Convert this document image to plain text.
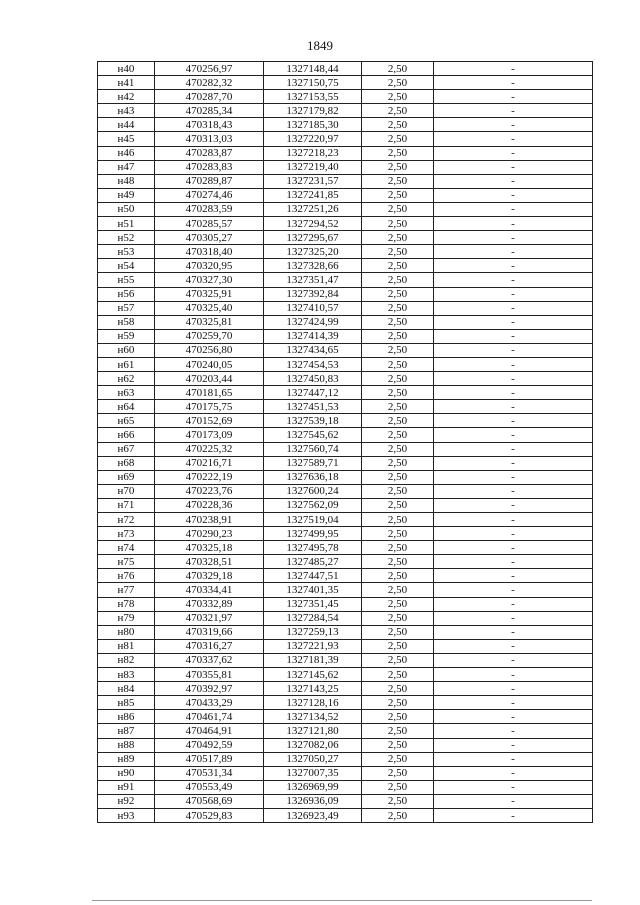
1849
н40	470256,97	1327148,44	2,50	-
н41	470282,32	1327150,75	2,50	-
н42	470287,70	1327153,55	2,50	-
н43	470285,34	1327179,82	2,50	-
н44	470318,43	1327185,30	2,50	-
н45	470313,03	1327220,97	2,50	-
н46	470283,87	1327218,23	2,50	-
н47	470283,83	1327219,40	2,50	-
н48	470289,87	1327231,57	2,50	-
н49	470274,46	1327241,85	2,50	-
н50	470283,59	1327251,26	2,50	-
н51	470285,57	1327294,52	2,50	-
н52	470305,27	1327295,67	2,50	-
н53	470318,40	1327325,20	2,50	-
н54	470320,95	1327328,66	2,50	-
н55	470327,30	1327351,47	2,50	-
н56	470325,91	1327392,84	2,50	-
н57	470325,40	1327410,57	2,50	-
н58	470325,81	1327424,99	2,50	-
н59	470259,70	1327414,39	2,50	-
н60	470256,80	1327434,65	2,50	-
н61	470240,05	1327454,53	2,50	-
н62	470203,44	1327450,83	2,50	-
н63	470181,65	1327447,12	2,50	-
н64	470175,75	1327451,53	2,50	-
н65	470152,69	1327539,18	2,50	-
н66	470173,09	1327545,62	2,50	-
н67	470225,32	1327560,74	2,50	-
н68	470216,71	1327589,71	2,50	-
н69	470222,19	1327636,18	2,50	-
н70	470223,76	1327600,24	2,50	-
н71	470228,36	1327562,09	2,50	-
н72	470238,91	1327519,04	2,50	-
н73	470290,23	1327499,95	2,50	-
н74	470325,18	1327495,78	2,50	-
н75	470328,51	1327485,27	2,50	-
н76	470329,18	1327447,51	2,50	-
н77	470334,41	1327401,35	2,50	-
н78	470332,89	1327351,45	2,50	-
н79	470321,97	1327284,54	2,50	-
н80	470319,66	1327259,13	2,50	-
н81	470316,27	1327221,93	2,50	-
н82	470337,62	1327181,39	2,50	-
н83	470355,81	1327145,62	2,50	-
н84	470392,97	1327143,25	2,50	-
н85	470433,29	1327128,16	2,50	-
н86	470461,74	1327134,52	2,50	-
н87	470464,91	1327121,80	2,50	-
н88	470492,59	1327082,06	2,50	-
н89	470517,89	1327050,27	2,50	-
н90	470531,34	1327007,35	2,50	-
н91	470553,49	1326969,99	2,50	-
н92	470568,69	1326936,09	2,50	-
н93	470529,83	1326923,49	2,50	-
